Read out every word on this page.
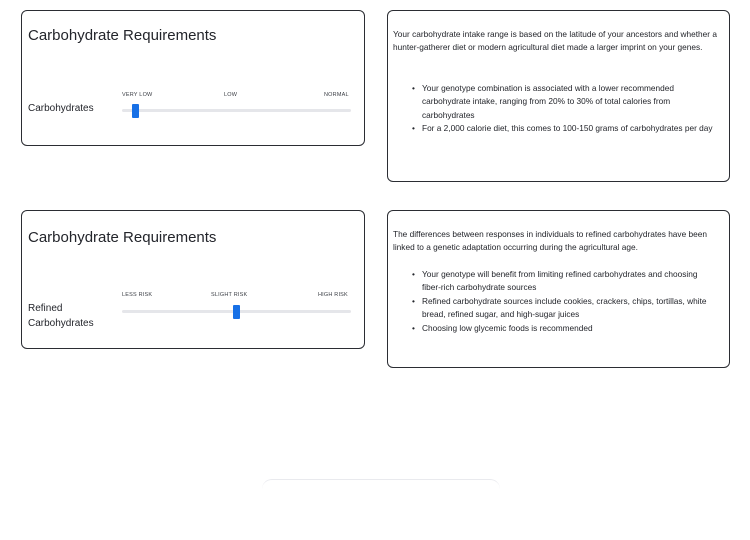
Carbohydrate Requirements
Carbohydrates
VERY LOW	LOW	NORMAL

Your carbohydrate intake range is based on the latitude of your ancestors and whether a hunter-gatherer diet or modern agricultural diet made a larger imprint on your genes.

• Your genotype combination is associated with a lower recommended carbohydrate intake, ranging from 20% to 30% of total calories from carbohydrates
• For a 2,000 calorie diet, this comes to 100-150 grams of carbohydrates per day
Carbohydrate Requirements
Refined
Carbohydrates
LESS RISK	SLIGHT RISK	HIGH RISK

The differences between responses in individuals to refined carbohydrates have been linked to a genetic adaptation occurring during the agricultural age.

• Your genotype will benefit from limiting refined carbohydrates and choosing fiber-rich carbohydrate sources
• Refined carbohydrate sources include cookies, crackers, chips, tortillas, white bread, refined sugar, and high-sugar juices
• Choosing low glycemic foods is recommended
